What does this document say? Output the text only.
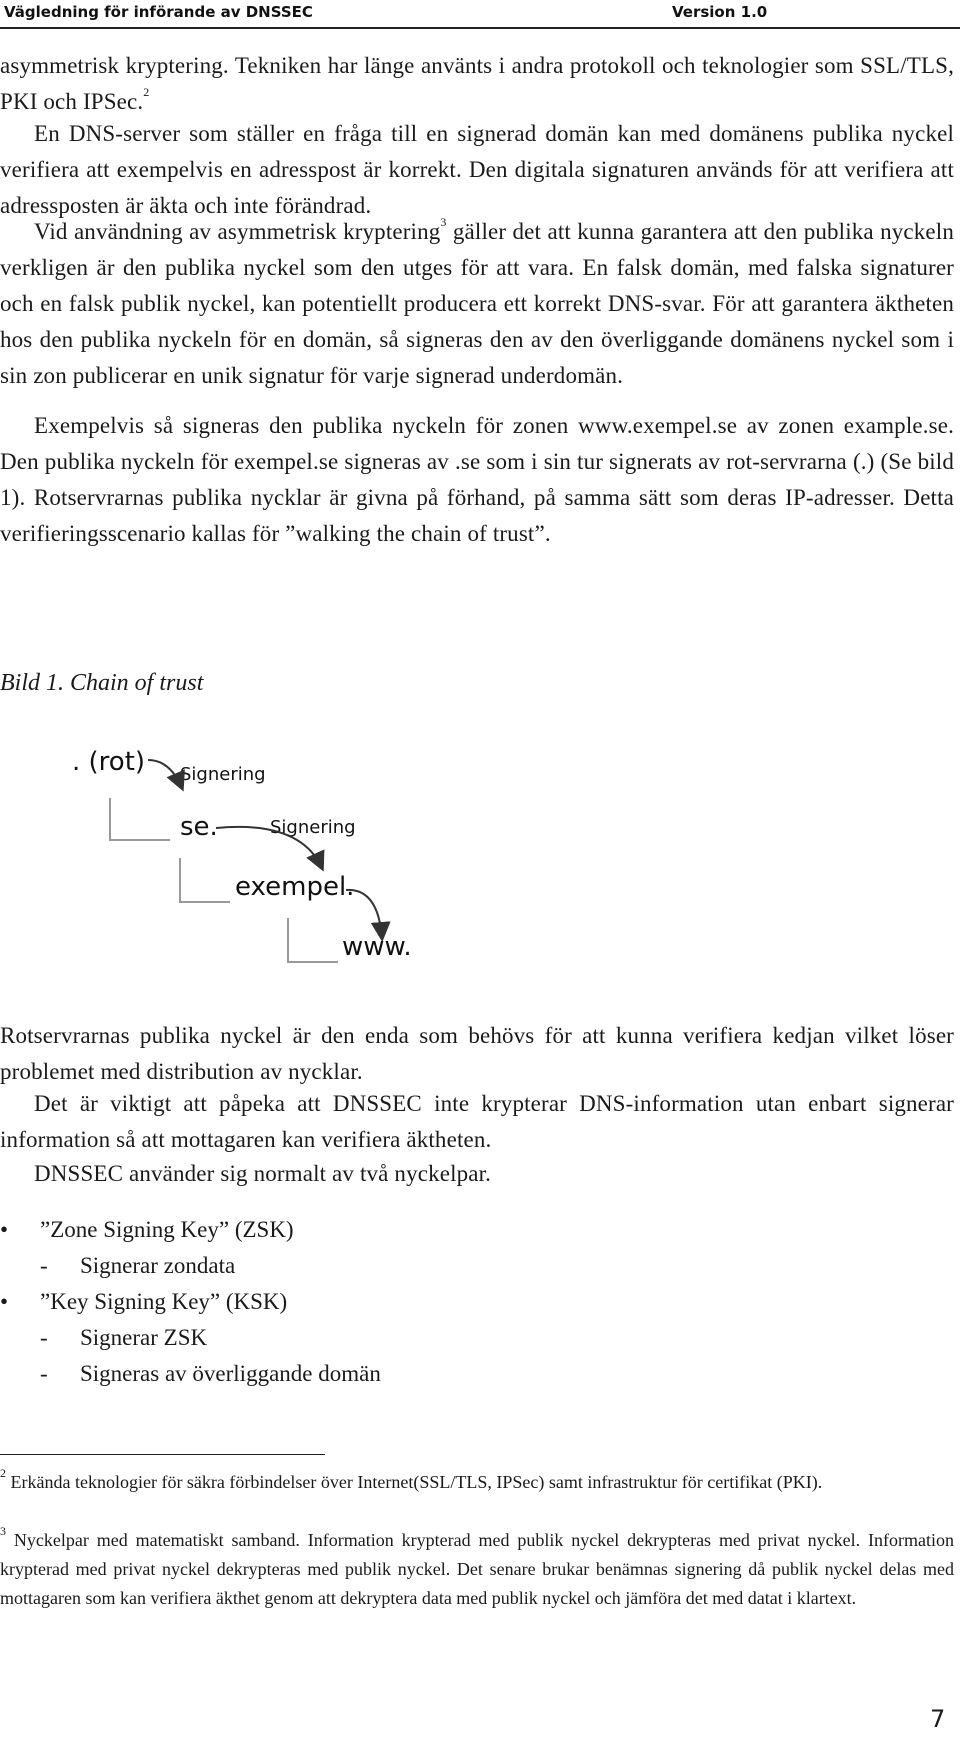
Vägledning för införande av DNSSEC	Version 1.0
asymmetrisk kryptering. Tekniken har länge använts i andra protokoll och teknologier som SSL/TLS, PKI och IPSec.$^2$
En DNS-server som ställer en fråga till en signerad domän kan med domänens publika nyckel verifiera att exempelvis en adresspost är korrekt. Den digitala signaturen används för att verifiera att adressposten är äkta och inte förändrad.
Vid användning av asymmetrisk kryptering$^3$ gäller det att kunna garantera att den publika nyckeln verkligen är den publika nyckel som den utges för att vara. En falsk domän, med falska signaturer och en falsk publik nyckel, kan potentiellt producera ett korrekt DNS-svar. För att garantera äktheten hos den publika nyckeln för en domän, så signeras den av den överliggande domänens nyckel som i sin zon publicerar en unik signatur för varje signerad underdomän.
Exempelvis så signeras den publika nyckeln för zonen www.exempel.se av zonen example.se. Den publika nyckeln för exempel.se signeras av .se som i sin tur signerats av rot-servrarna (.) (Se bild 1). Rotservrarnas publika nycklar är givna på förhand, på samma sätt som deras IP-adresser. Detta verifieringsscenario kallas för ”walking the chain of trust”.
Bild 1. Chain of trust
. (rot) Signering
se.	Signering
exempel.
www.
Rotservrarnas publika nyckel är den enda som behövs för att kunna verifiera kedjan vilket löser problemet med distribution av nycklar.
Det är viktigt att påpeka att DNSSEC inte krypterar DNS-information utan enbart signerar information så att mottagaren kan verifiera äktheten.
DNSSEC använder sig normalt av två nyckelpar.
•	”Zone Signing Key” (ZSK)
- Signerar zondata
•	”Key Signing Key” (KSK)
- Signerar ZSK
- Signeras av överliggande domän
$^2$ Erkända teknologier för säkra förbindelser över Internet(SSL/TLS, IPSec) samt infrastruktur för certifikat (PKI).
$^3$ Nyckelpar med matematiskt samband. Information krypterad med publik nyckel dekrypteras med privat nyckel. Information krypterad med privat nyckel dekrypteras med publik nyckel. Det senare brukar benämnas signering då publik nyckel delas med mottagaren som kan verifiera äkthet genom att dekryptera data med publik nyckel och jämföra det med datat i klartext.
7
